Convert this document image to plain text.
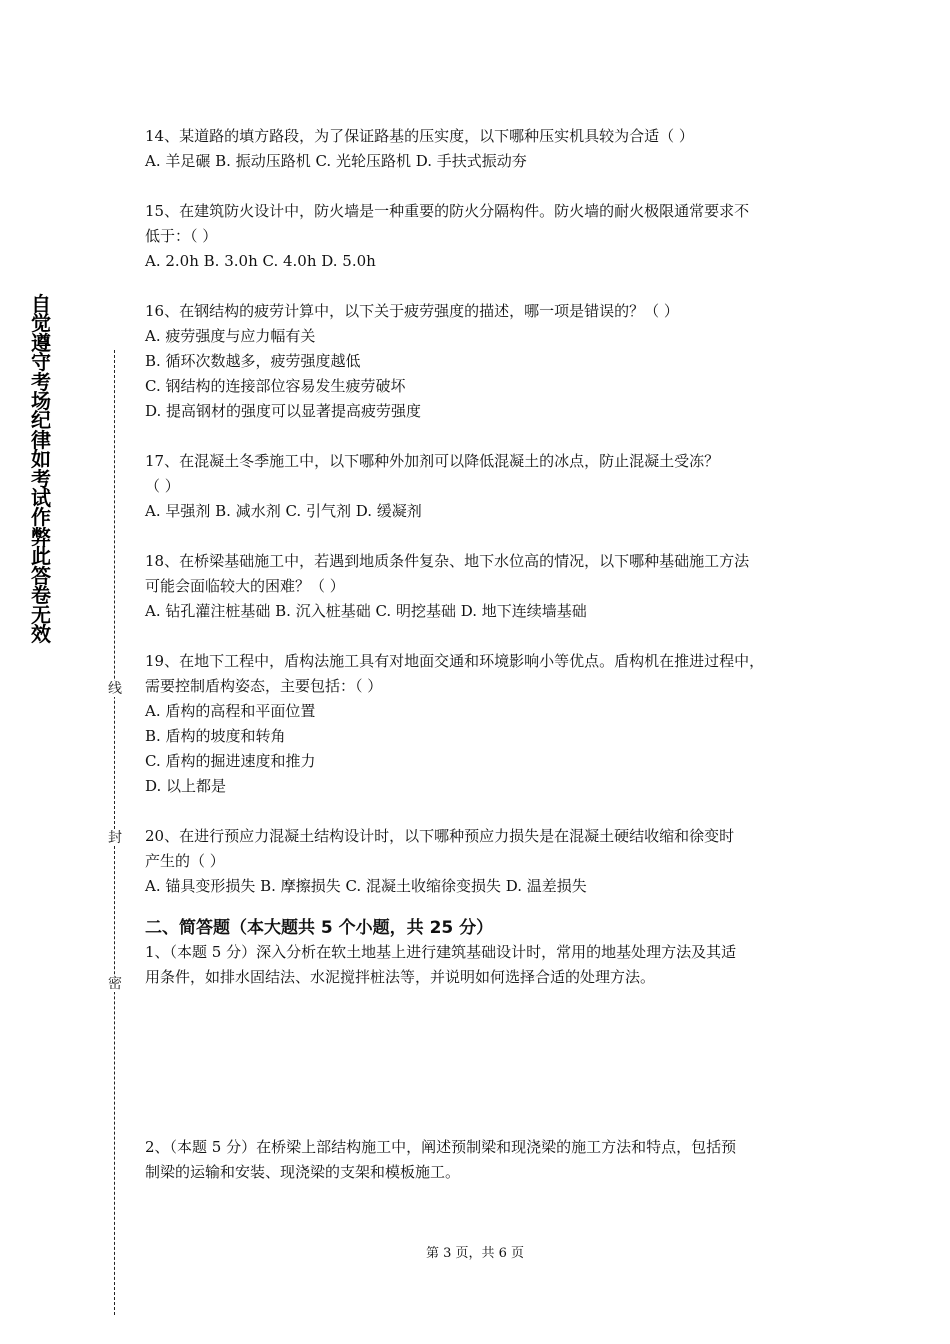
自觉遵守考场纪律如考试作弊此答卷无效
线
封
密

14、某道路的填方路段，为了保证路基的压实度，以下哪种压实机具较为合适（ ）

A. 羊足碾 B. 振动压路机 C. 光轮压路机 D. 手扶式振动夯

15、在建筑防火设计中，防火墙是一种重要的防火分隔构件。防火墙的耐火极限通常要求不

低于：（ ）

A. 2.0h B. 3.0h C. 4.0h D. 5.0h

16、在钢结构的疲劳计算中，以下关于疲劳强度的描述，哪一项是错误的？（ ）

A. 疲劳强度与应力幅有关

B. 循环次数越多，疲劳强度越低

C. 钢结构的连接部位容易发生疲劳破坏

D. 提高钢材的强度可以显著提高疲劳强度

17、在混凝土冬季施工中，以下哪种外加剂可以降低混凝土的冰点，防止混凝土受冻？

（ ）

A. 早强剂 B. 减水剂 C. 引气剂 D. 缓凝剂

18、在桥梁基础施工中，若遇到地质条件复杂、地下水位高的情况，以下哪种基础施工方法

可能会面临较大的困难？（ ）

A. 钻孔灌注桩基础 B. 沉入桩基础 C. 明挖基础 D. 地下连续墙基础

19、在地下工程中，盾构法施工具有对地面交通和环境影响小等优点。盾构机在推进过程中，

需要控制盾构姿态，主要包括：（ ）

A. 盾构的高程和平面位置

B. 盾构的坡度和转角

C. 盾构的掘进速度和推力

D. 以上都是

20、在进行预应力混凝土结构设计时，以下哪种预应力损失是在混凝土硬结收缩和徐变时

产生的（ ）

A. 锚具变形损失 B. 摩擦损失 C. 混凝土收缩徐变损失 D. 温差损失

二、简答题（本大题共 5 个小题，共 25 分）

1、（本题 5 分）深入分析在软土地基上进行建筑基础设计时，常用的地基处理方法及其适

用条件，如排水固结法、水泥搅拌桩法等，并说明如何选择合适的处理方法。

2、（本题 5 分）在桥梁上部结构施工中，阐述预制梁和现浇梁的施工方法和特点，包括预

制梁的运输和安装、现浇梁的支架和模板施工。

第 3 页，共 6 页
